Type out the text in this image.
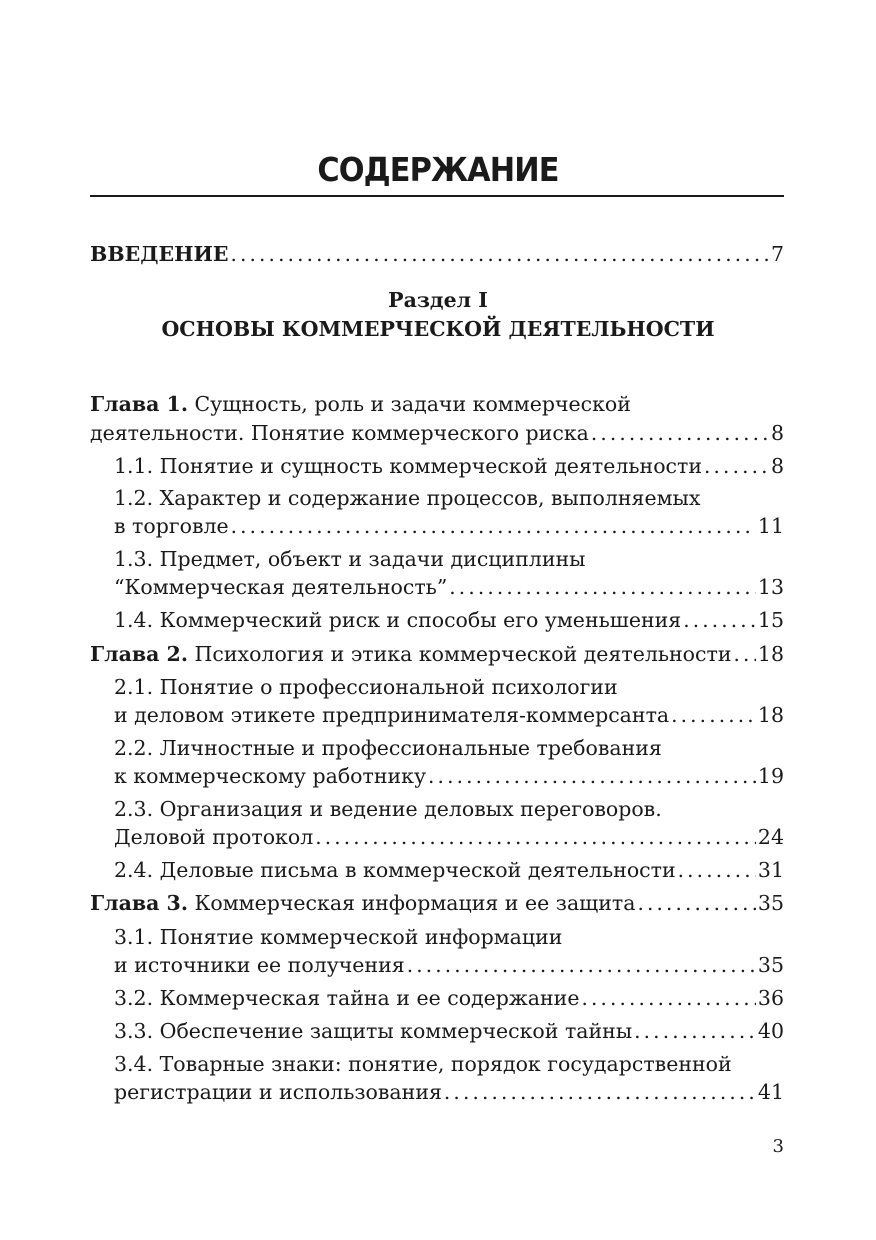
СОДЕРЖАНИЕ
ВВЕДЕНИЕ . . .	7
Раздел I
ОСНОВЫ КОММЕРЧЕСКОЙ ДЕЯТЕЛЬНОСТИ
Глава 1. Сущность, роль и задачи коммерческой
деятельности. Понятие коммерческого риска . . .	8
1.1. Понятие и сущность коммерческой деятельности . . .	8
1.2. Характер и содержание процессов, выполняемых
в торговле . . .	11
1.3. Предмет, объект и задачи дисциплины
“Коммерческая деятельность” . . .	13
1.4. Коммерческий риск и способы его уменьшения . . .	15
Глава 2. Психология и этика коммерческой деятельности . . . 18
2.1. Понятие о профессиональной психологии
и деловом этикете предпринимателя-коммерсанта . . .	18
2.2. Личностные и профессиональные требования
к коммерческому работнику . . .	19
2.3. Организация и ведение деловых переговоров.
Деловой протокол . . .	24
2.4. Деловые письма в коммерческой деятельности . . .	31
Глава 3. Коммерческая информация и ее защита . . .	35
3.1. Понятие коммерческой информации
и источники ее получения . . .	35
3.2. Коммерческая тайна и ее содержание . . .	36
3.3. Обеспечение защиты коммерческой тайны . . .	40
3.4. Товарные знаки: понятие, порядок государственной
регистрации и использования . . .	41
3
